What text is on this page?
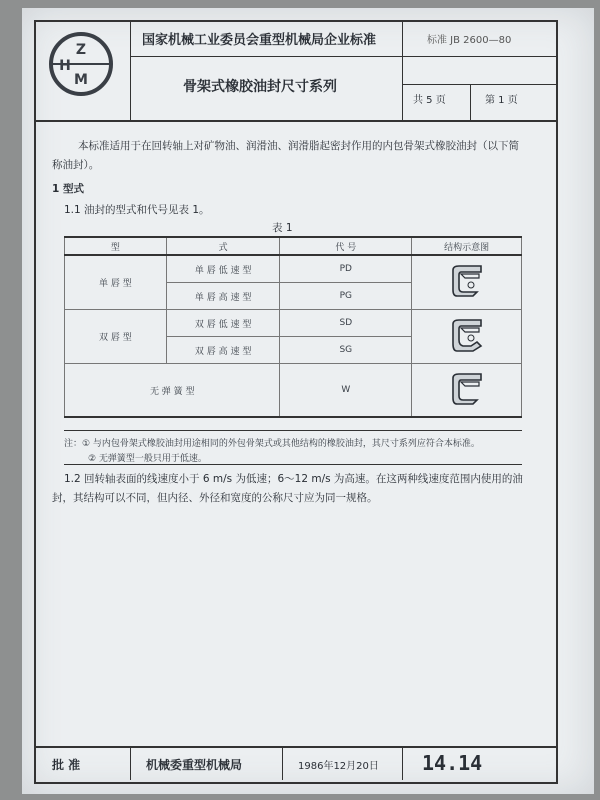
Z
H
M
国家机械工业委员会重型机械局企业标准	标准 JB 2600—80
骨架式橡胶油封尺寸系列
共 5 页	第 1 页
本标准适用于在回转轴上对矿物油、润滑油、润滑脂起密封作用的内包骨架式橡胶油封（以下简
称油封）。
1 型式
1.1 油封的型式和代号见表 1。
表 1
型	式	代 号	结构示意图
单 唇 型	单 唇 低 速 型	PD	
	单 唇 高 速 型	PG	
双 唇 型	双 唇 低 速 型	SD	
	双 唇 高 速 型	SG	
无 弹 簧 型		W	
注：① 与内包骨架式橡胶油封用途相同的外包骨架式或其他结构的橡胶油封，其尺寸系列应符合本标准。
② 无弹簧型一般只用于低速。
1.2 回转轴表面的线速度小于 6 m/s 为低速；6～12 m/s 为高速。在这两种线速度范围内使用的油
封，其结构可以不同，但内径、外径和宽度的公称尺寸应为同一规格。
批 准	机械委重型机械局	1986年12月20日 14.14
